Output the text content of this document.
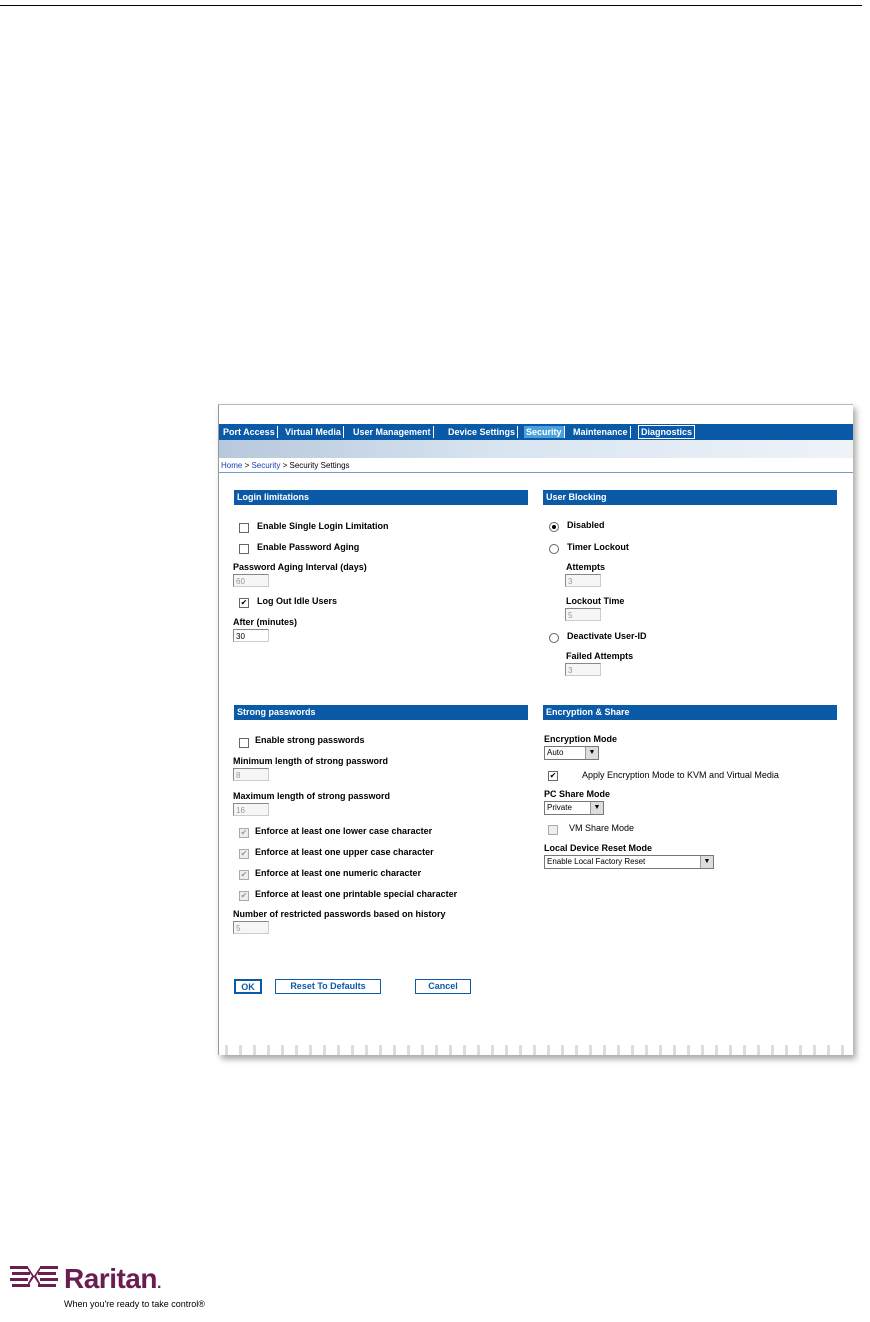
Port Access	Virtual Media	User Management	Device Settings	Security	Maintenance	Diagnostics
Home > Security > Security Settings
Login limitations
Enable Single Login Limitation
Enable Password Aging
Password Aging Interval (days)
60
✔ Log Out Idle Users
After (minutes)
30
User Blocking
Disabled
Timer Lockout
Attempts
3
Lockout Time
5
Deactivate User-ID
Failed Attempts
3
Strong passwords
Enable strong passwords
Minimum length of strong password
8
Maximum length of strong password
16
✔ Enforce at least one lower case character
✔ Enforce at least one upper case character
✔ Enforce at least one numeric character
✔ Enforce at least one printable special character
Number of restricted passwords based on history
5
Encryption & Share
Encryption Mode
Auto	▼
✔	Apply Encryption Mode to KVM and Virtual Media
PC Share Mode
Private	▼
VM Share Mode
Local Device Reset Mode
Enable Local Factory Reset	▼
OK	Reset To Defaults	Cancel
Raritan.
When you're ready to take control®
